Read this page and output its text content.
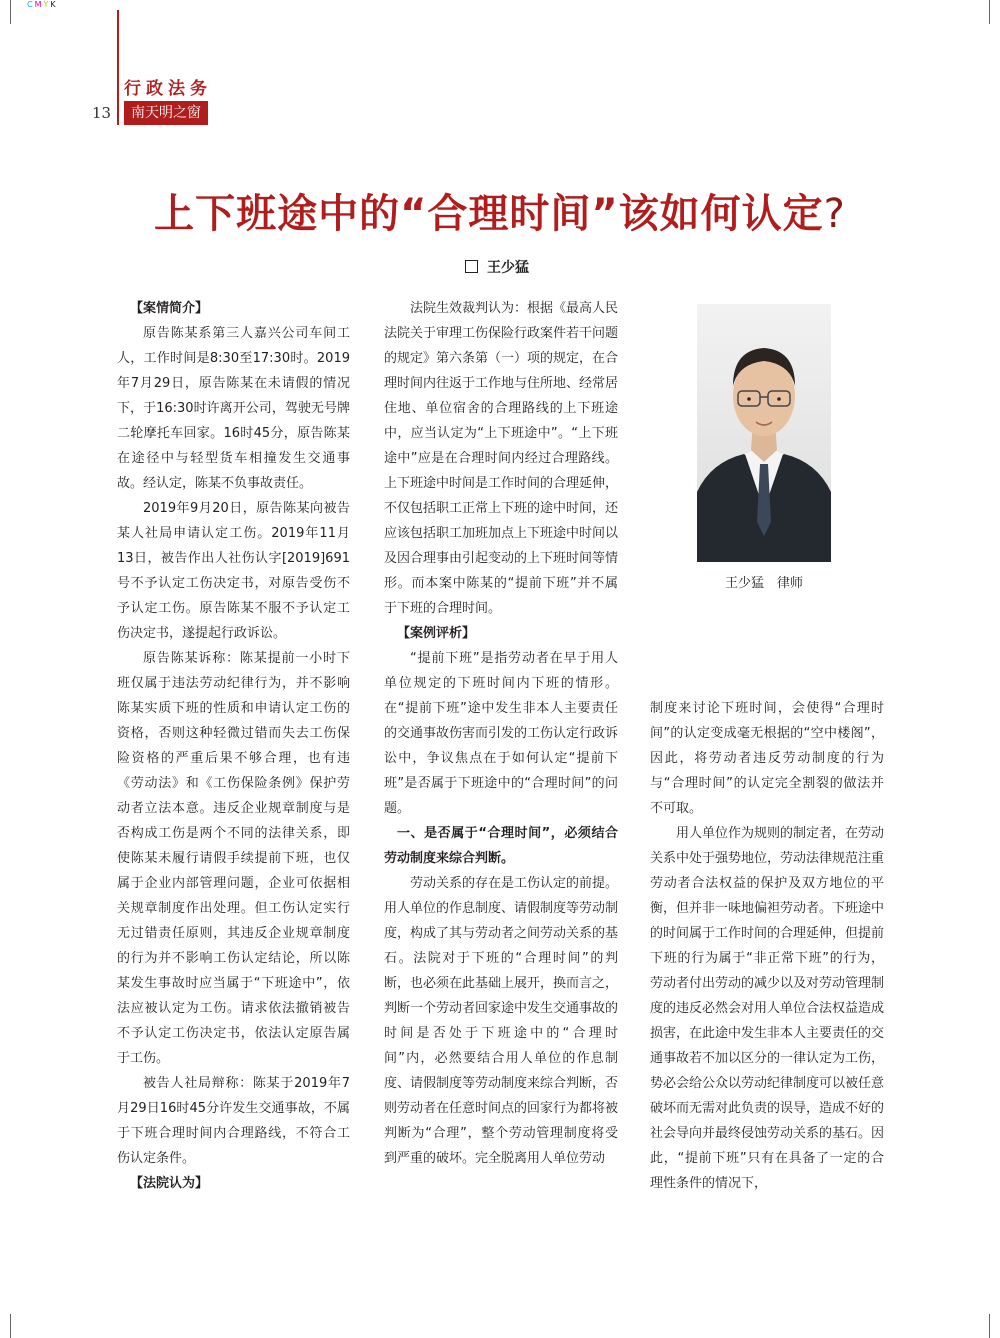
CMYK
行政法务
13	南天明之窗
上下班途中的“合理时间”该如何认定?
王少猛

【案情简介】

原告陈某系第三人嘉兴公司车间工人，工作时间是8:30至17:30时。2019年7月29日，原告陈某在未请假的情况下，于16:30时许离开公司，驾驶无号牌二轮摩托车回家。16时45分，原告陈某在途径中与轻型货车相撞发生交通事故。经认定，陈某不负事故责任。

2019年9月20日，原告陈某向被告某人社局申请认定工伤。2019年11月13日，被告作出人社伤认字[2019]691号不予认定工伤决定书，对原告受伤不予认定工伤。原告陈某不服不予认定工伤决定书，遂提起行政诉讼。

原告陈某诉称：陈某提前一小时下班仅属于违法劳动纪律行为，并不影响陈某实质下班的性质和申请认定工伤的资格，否则这种轻微过错而失去工伤保险资格的严重后果不够合理，也有违《劳动法》和《工伤保险条例》保护劳动者立法本意。违反企业规章制度与是否构成工伤是两个不同的法律关系，即使陈某未履行请假手续提前下班，也仅属于企业内部管理问题，企业可依据相关规章制度作出处理。但工伤认定实行无过错责任原则，其违反企业规章制度的行为并不影响工伤认定结论，所以陈某发生事故时应当属于“下班途中”，依法应被认定为工伤。请求依法撤销被告不予认定工伤决定书，依法认定原告属于工伤。

被告人社局辩称：陈某于2019年7月29日16时45分许发生交通事故，不属于下班合理时间内合理路线，不符合工伤认定条件。

【法院认为】

法院生效裁判认为：根据《最高人民法院关于审理工伤保险行政案件若干问题的规定》第六条第（一）项的规定，在合理时间内往返于工作地与住所地、经常居住地、单位宿舍的合理路线的上下班途中，应当认定为“上下班途中”。“上下班途中”应是在合理时间内经过合理路线。上下班途中时间是工作时间的合理延伸，不仅包括职工正常上下班的途中时间，还应该包括职工加班加点上下班途中时间以及因合理事由引起变动的上下班时间等情形。而本案中陈某的“提前下班”并不属于下班的合理时间。

【案例评析】

“提前下班”是指劳动者在早于用人单位规定的下班时间内下班的情形。在“提前下班”途中发生非本人主要责任的交通事故伤害而引发的工伤认定行政诉讼中，争议焦点在于如何认定“提前下班”是否属于下班途中的“合理时间”的问题。

一、是否属于“合理时间”，必须结合劳动制度来综合判断。

劳动关系的存在是工伤认定的前提。用人单位的作息制度、请假制度等劳动制度，构成了其与劳动者之间劳动关系的基石。法院对于下班的“合理时间”的判断，也必须在此基础上展开，换而言之，判断一个劳动者回家途中发生交通事故的时间是否处于下班途中的“合理时间”内，必然要结合用人单位的作息制度、请假制度等劳动制度来综合判断，否则劳动者在任意时间点的回家行为都将被判断为“合理”，整个劳动管理制度将受到严重的破坏。完全脱离用人单位劳动

王少猛　律师

制度来讨论下班时间，会使得“合理时间”的认定变成毫无根据的“空中楼阁”，因此，将劳动者违反劳动制度的行为与“合理时间”的认定完全割裂的做法并不可取。

用人单位作为规则的制定者，在劳动关系中处于强势地位，劳动法律规范注重劳动者合法权益的保护及双方地位的平衡，但并非一味地偏袒劳动者。下班途中的时间属于工作时间的合理延伸，但提前下班的行为属于“非正常下班”的行为，劳动者付出劳动的减少以及对劳动管理制度的违反必然会对用人单位合法权益造成损害，在此途中发生非本人主要责任的交通事故若不加以区分的一律认定为工伤，势必会给公众以劳动纪律制度可以被任意破坏而无需对此负责的误导，造成不好的社会导向并最终侵蚀劳动关系的基石。因此，“提前下班”只有在具备了一定的合理性条件的情况下，
